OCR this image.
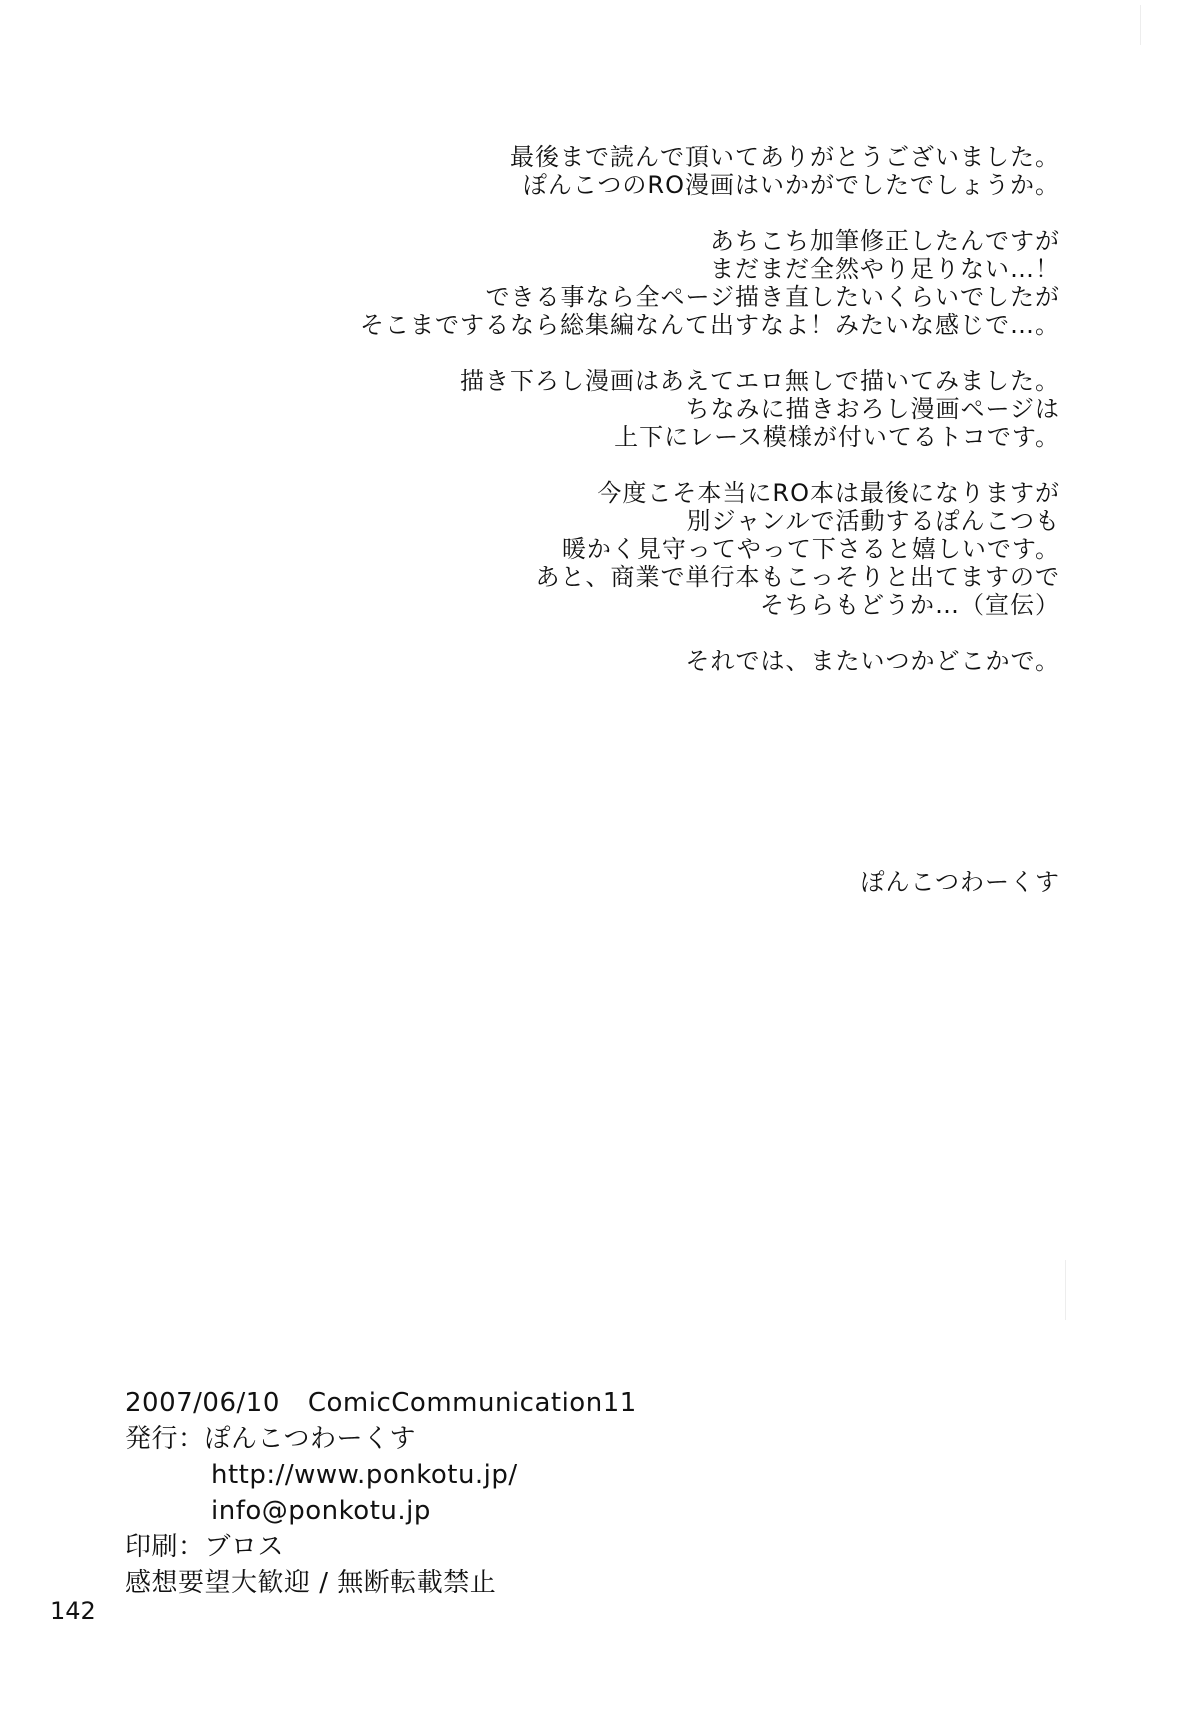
最後まで読んで頂いてありがとうございました。
ぽんこつのRO漫画はいかがでしたでしょうか。
あちこち加筆修正したんですが
まだまだ全然やり足りない…！
できる事なら全ページ描き直したいくらいでしたが
そこまでするなら総集編なんて出すなよ！みたいな感じで…。
描き下ろし漫画はあえてエロ無しで描いてみました。
ちなみに描きおろし漫画ページは
上下にレース模様が付いてるトコです。
今度こそ本当にRO本は最後になりますが
別ジャンルで活動するぽんこつも
暖かく見守ってやって下さると嬉しいです。
あと、商業で単行本もこっそりと出てますので
そちらもどうか…（宣伝）
それでは、またいつかどこかで。
ぽんこつわーくす
2007/06/10 ComicCommunication11
発行：ぽんこつわーくす
http://www.ponkotu.jp/
info@ponkotu.jp
印刷：ブロス
感想要望大歓迎 / 無断転載禁止
142
